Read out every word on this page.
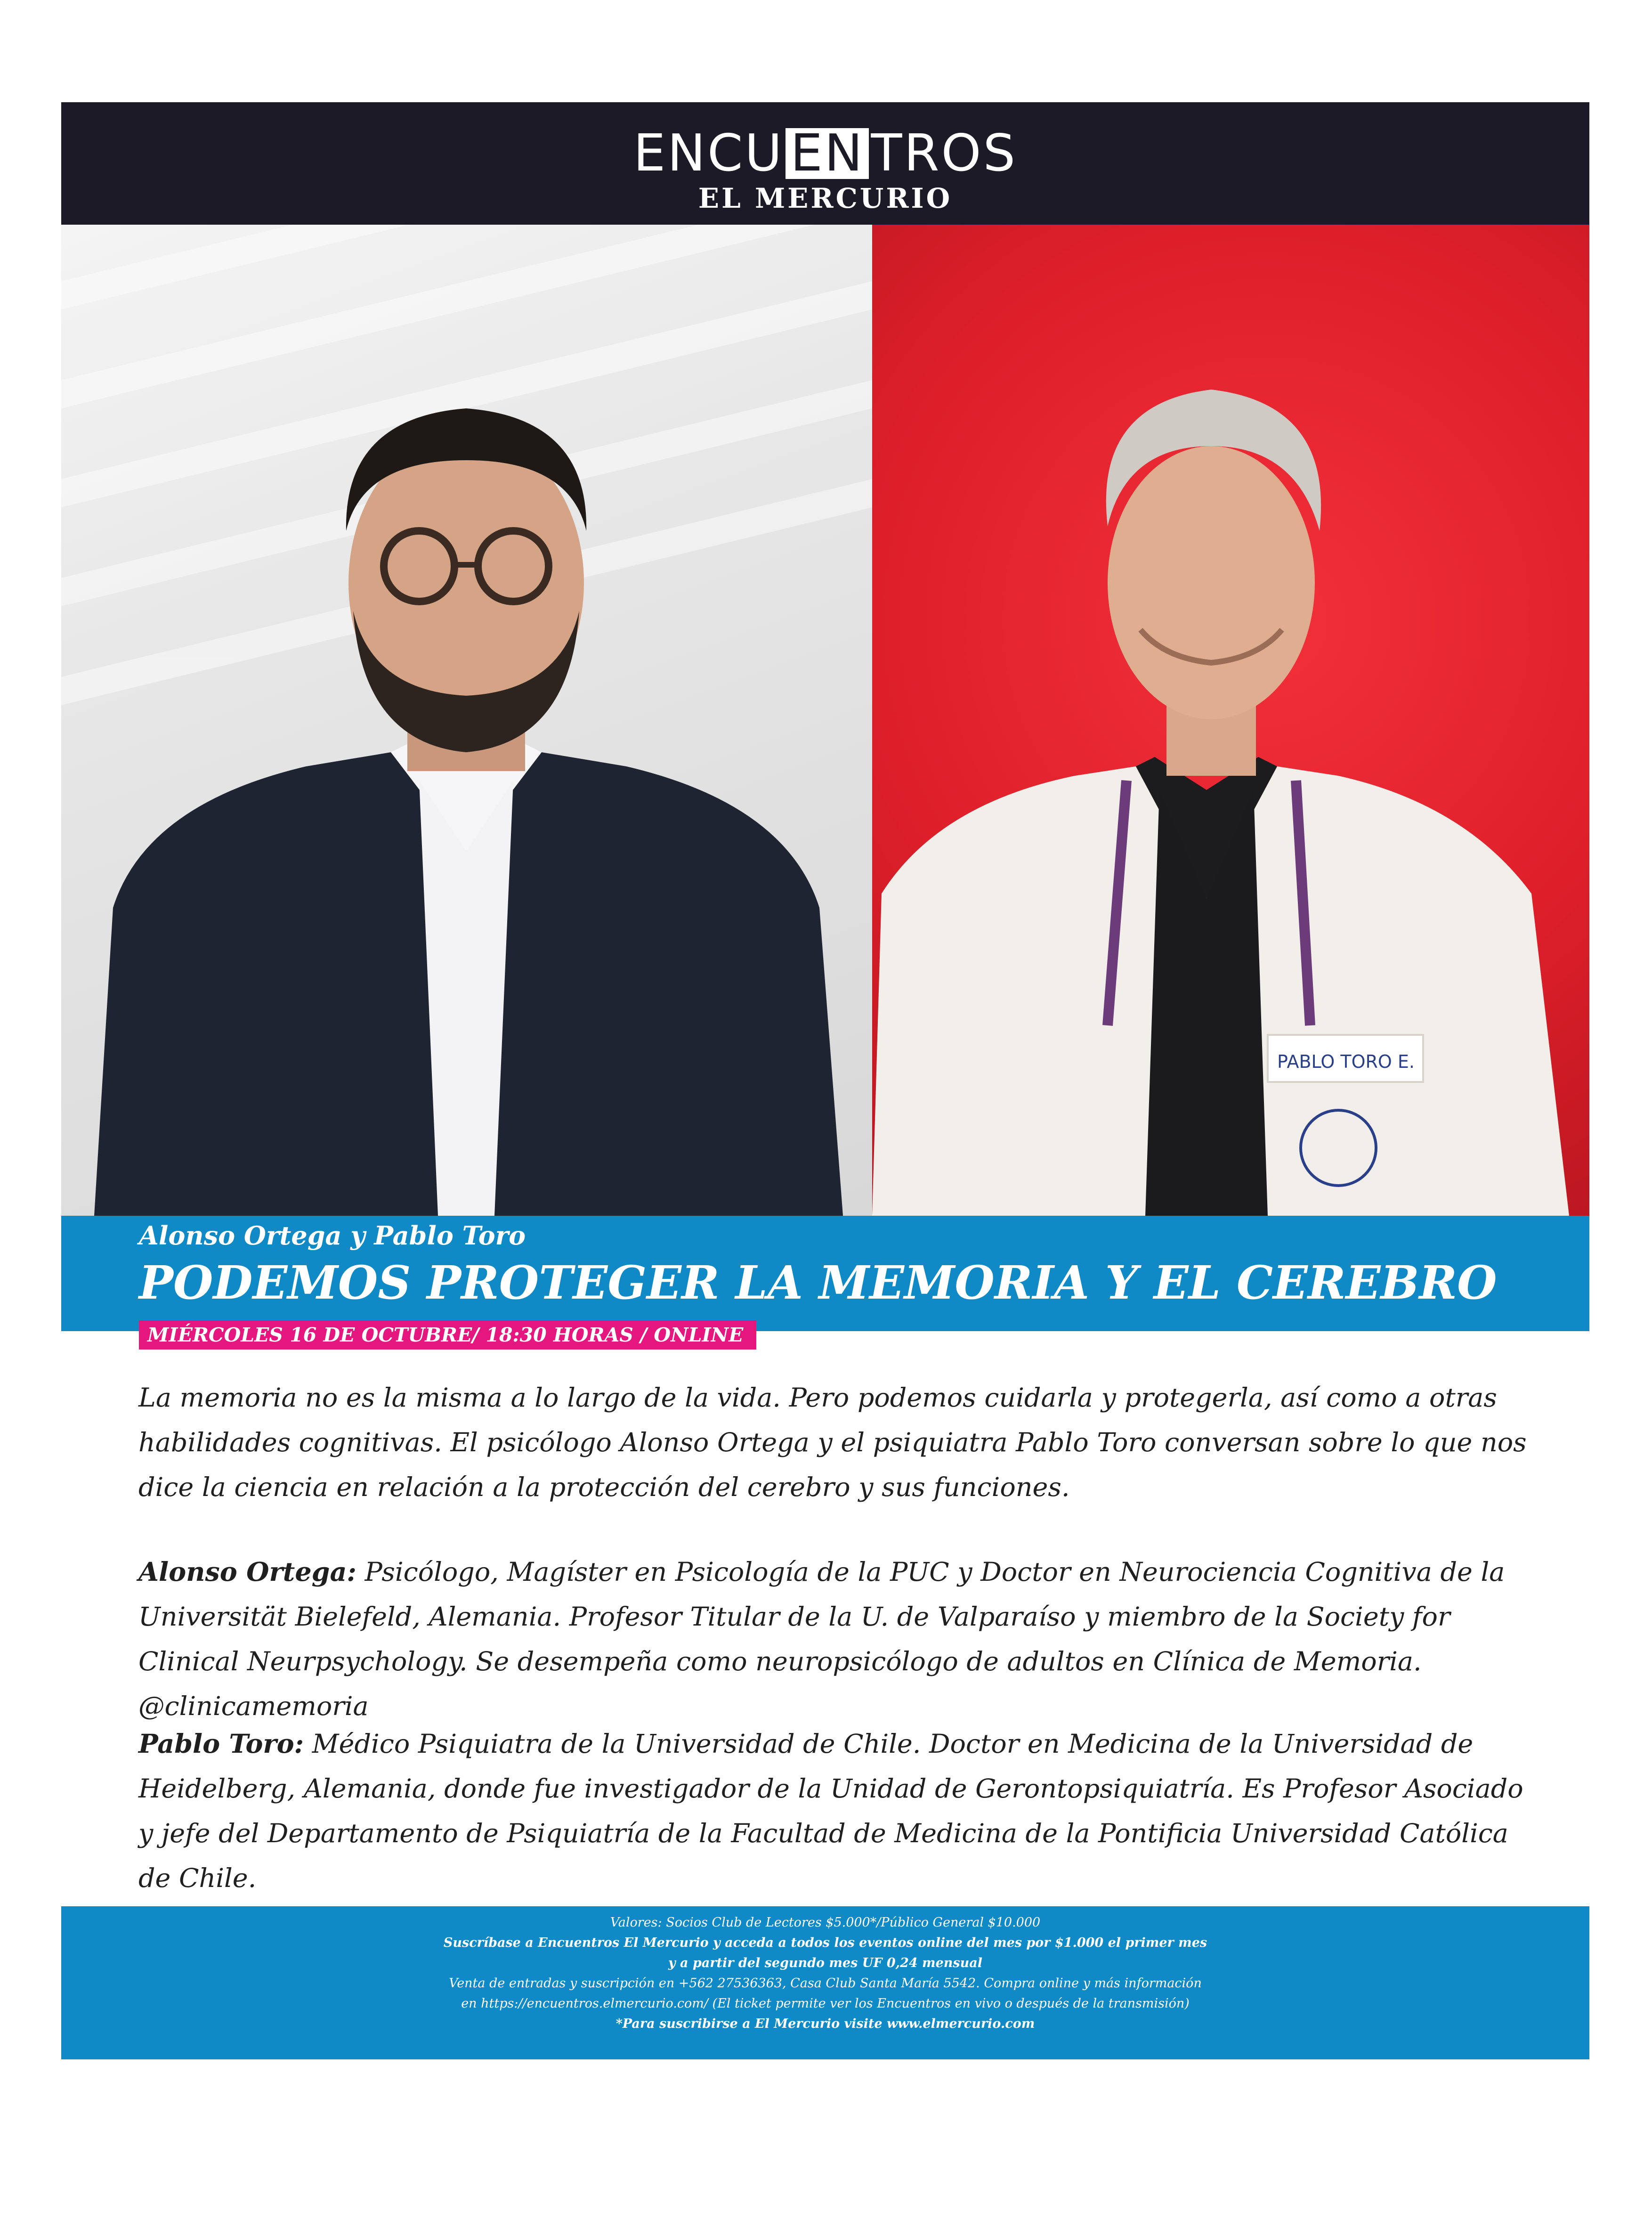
ENCU EN TROS
EL MERCURIO
PABLO TORO E.
Alonso Ortega y Pablo Toro
PODEMOS PROTEGER LA MEMORIA Y EL CEREBRO
MIÉRCOLES 16 DE OCTUBRE/ 18:30 HORAS / ONLINE
La memoria no es la misma a lo largo de la vida. Pero podemos cuidarla y protegerla, así como a otras habilidades cognitivas. El psicólogo Alonso Ortega y el psiquiatra Pablo Toro conversan sobre lo que nos dice la ciencia en relación a la protección del cerebro y sus funciones.
Alonso Ortega: Psicólogo, Magíster en Psicología de la PUC y Doctor en Neurociencia Cognitiva de la Universität Bielefeld, Alemania. Profesor Titular de la U. de Valparaíso y miembro de la Society for Clinical Neurpsychology. Se desempeña como neuropsicólogo de adultos en Clínica de Memoria. @clinicamemoria
Pablo Toro: Médico Psiquiatra de la Universidad de Chile. Doctor en Medicina de la Universidad de Heidelberg, Alemania, donde fue investigador de la Unidad de Gerontopsiquiatría. Es Profesor Asociado y jefe del Departamento de Psiquiatría de la Facultad de Medicina de la Pontificia Universidad Católica de Chile.
Valores: Socios Club de Lectores $5.000*/Público General $10.000
Suscríbase a Encuentros El Mercurio y acceda a todos los eventos online del mes por $1.000 el primer mes
y a partir del segundo mes UF 0,24 mensual
Venta de entradas y suscripción en +562 27536363, Casa Club Santa María 5542. Compra online y más información
en https://encuentros.elmercurio.com/ (El ticket permite ver los Encuentros en vivo o después de la transmisión)
*Para suscribirse a El Mercurio visite www.elmercurio.com
